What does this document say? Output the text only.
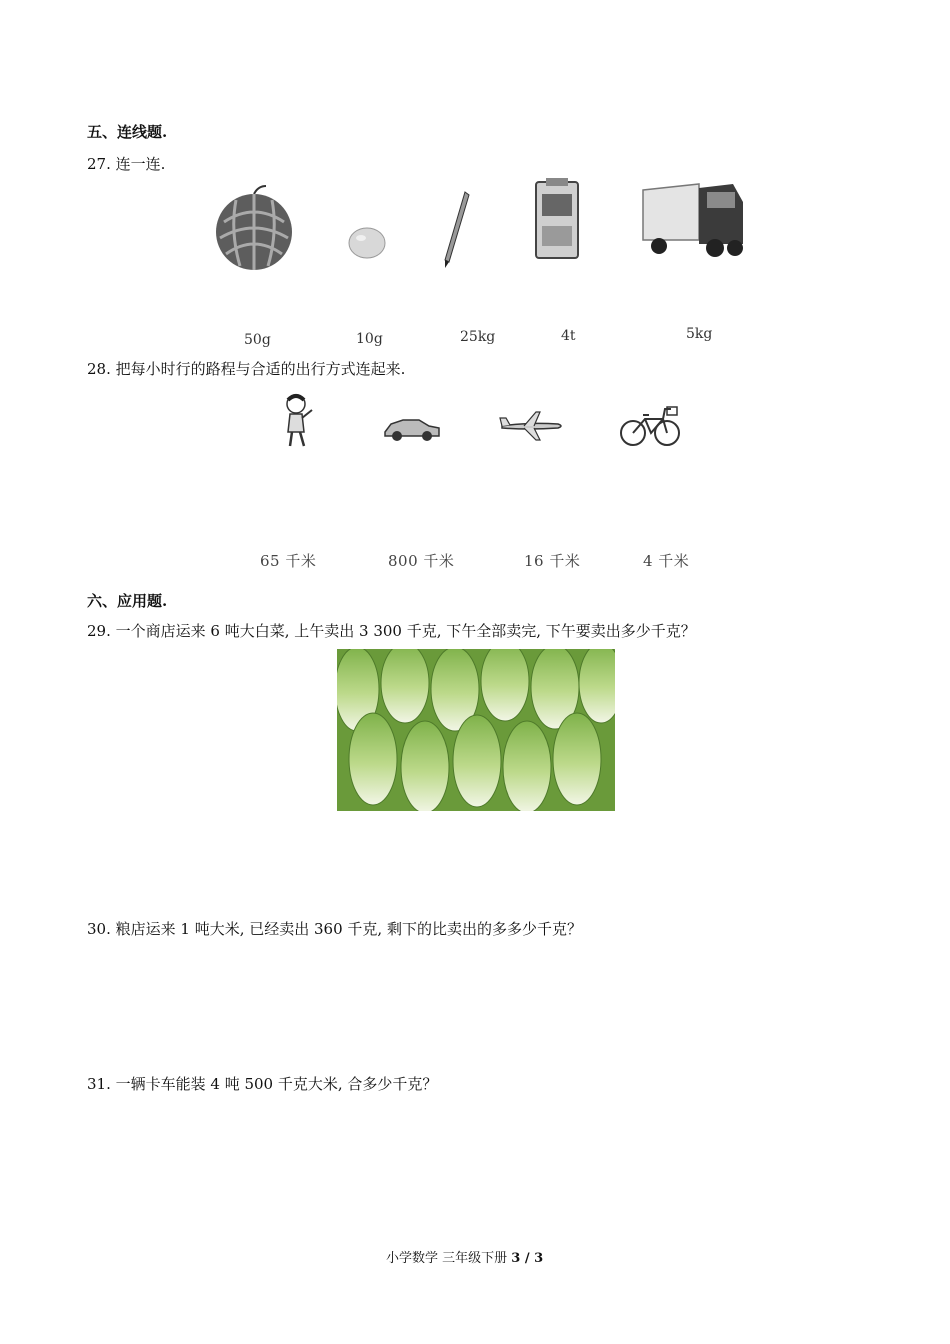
五、连线题.
27. 连一连.
50g	10g	25kg	4t	5kg
28. 把每小时行的路程与合适的出行方式连起来.
65 千米	800 千米	16 千米	4 千米
六、应用题.
29. 一个商店运来 6 吨大白菜, 上午卖出 3 300 千克, 下午全部卖完, 下午要卖出多少千克？
30. 粮店运来 1 吨大米, 已经卖出 360 千克, 剩下的比卖出的多多少千克？
31. 一辆卡车能装 4 吨 500 千克大米, 合多少千克？
小学数学 三年级下册 3 / 3
